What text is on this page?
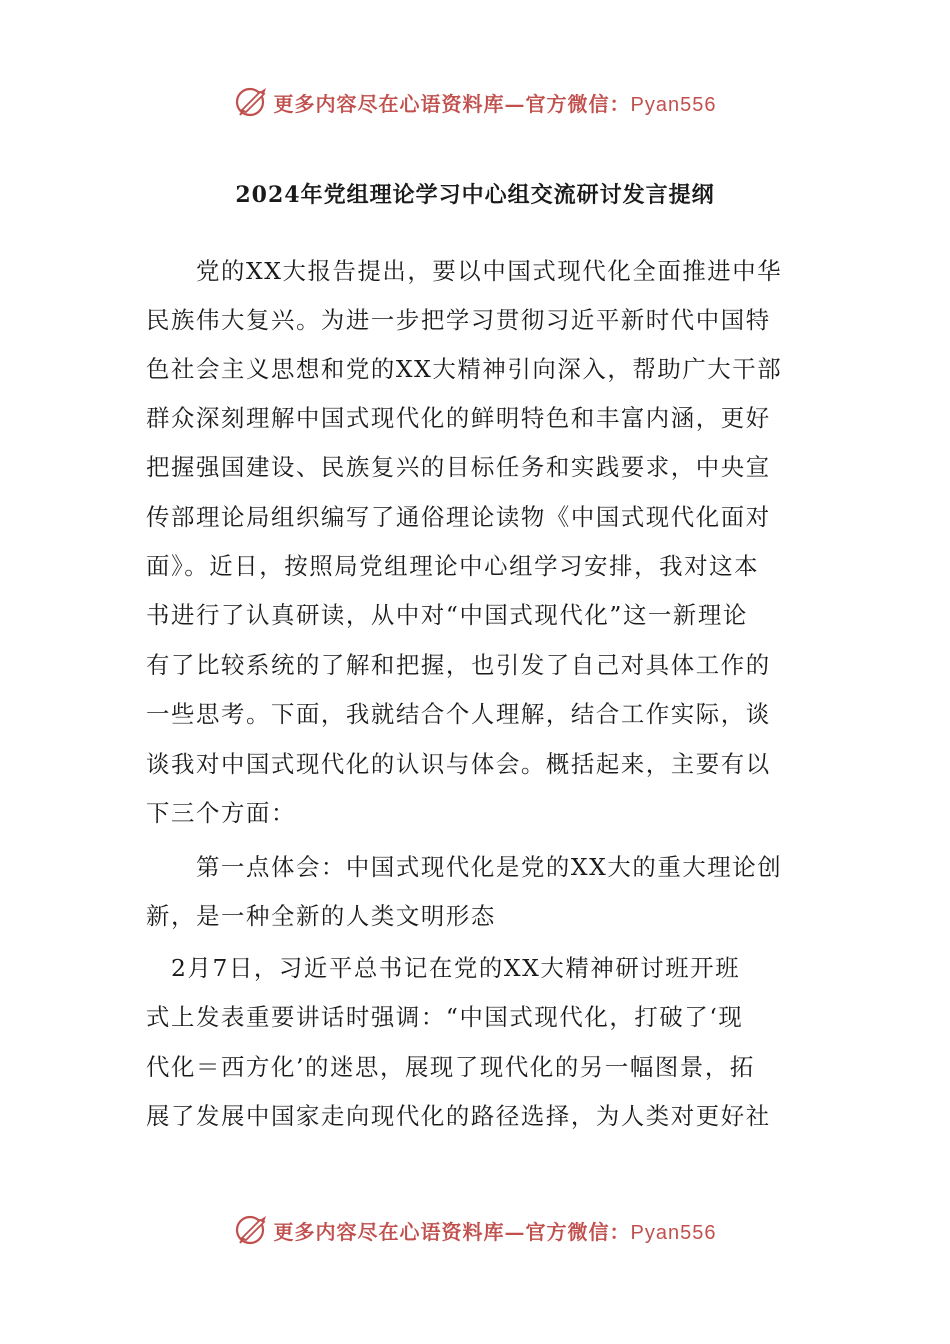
更多内容尽在心语资料库—官方微信：Pyan556
2024年党组理论学习中心组交流研讨发言提纲
　　党的XX大报告提出，要以中国式现代化全面推进中华
民族伟大复兴。为进一步把学习贯彻习近平新时代中国特
色社会主义思想和党的XX大精神引向深入，帮助广大干部
群众深刻理解中国式现代化的鲜明特色和丰富内涵，更好
把握强国建设、民族复兴的目标任务和实践要求，中央宣
传部理论局组织编写了通俗理论读物《中国式现代化面对
面》。近日，按照局党组理论中心组学习安排，我对这本
书进行了认真研读，从中对“中国式现代化”这一新理论
有了比较系统的了解和把握，也引发了自己对具体工作的
一些思考。下面，我就结合个人理解，结合工作实际，谈
谈我对中国式现代化的认识与体会。概括起来，主要有以
下三个方面：
　　第一点体会：中国式现代化是党的XX大的重大理论创
新，是一种全新的人类文明形态
　2月7日，习近平总书记在党的XX大精神研讨班开班
式上发表重要讲话时强调：“中国式现代化，打破了‘现
代化＝西方化’的迷思，展现了现代化的另一幅图景，拓
展了发展中国家走向现代化的路径选择，为人类对更好社
更多内容尽在心语资料库—官方微信：Pyan556
